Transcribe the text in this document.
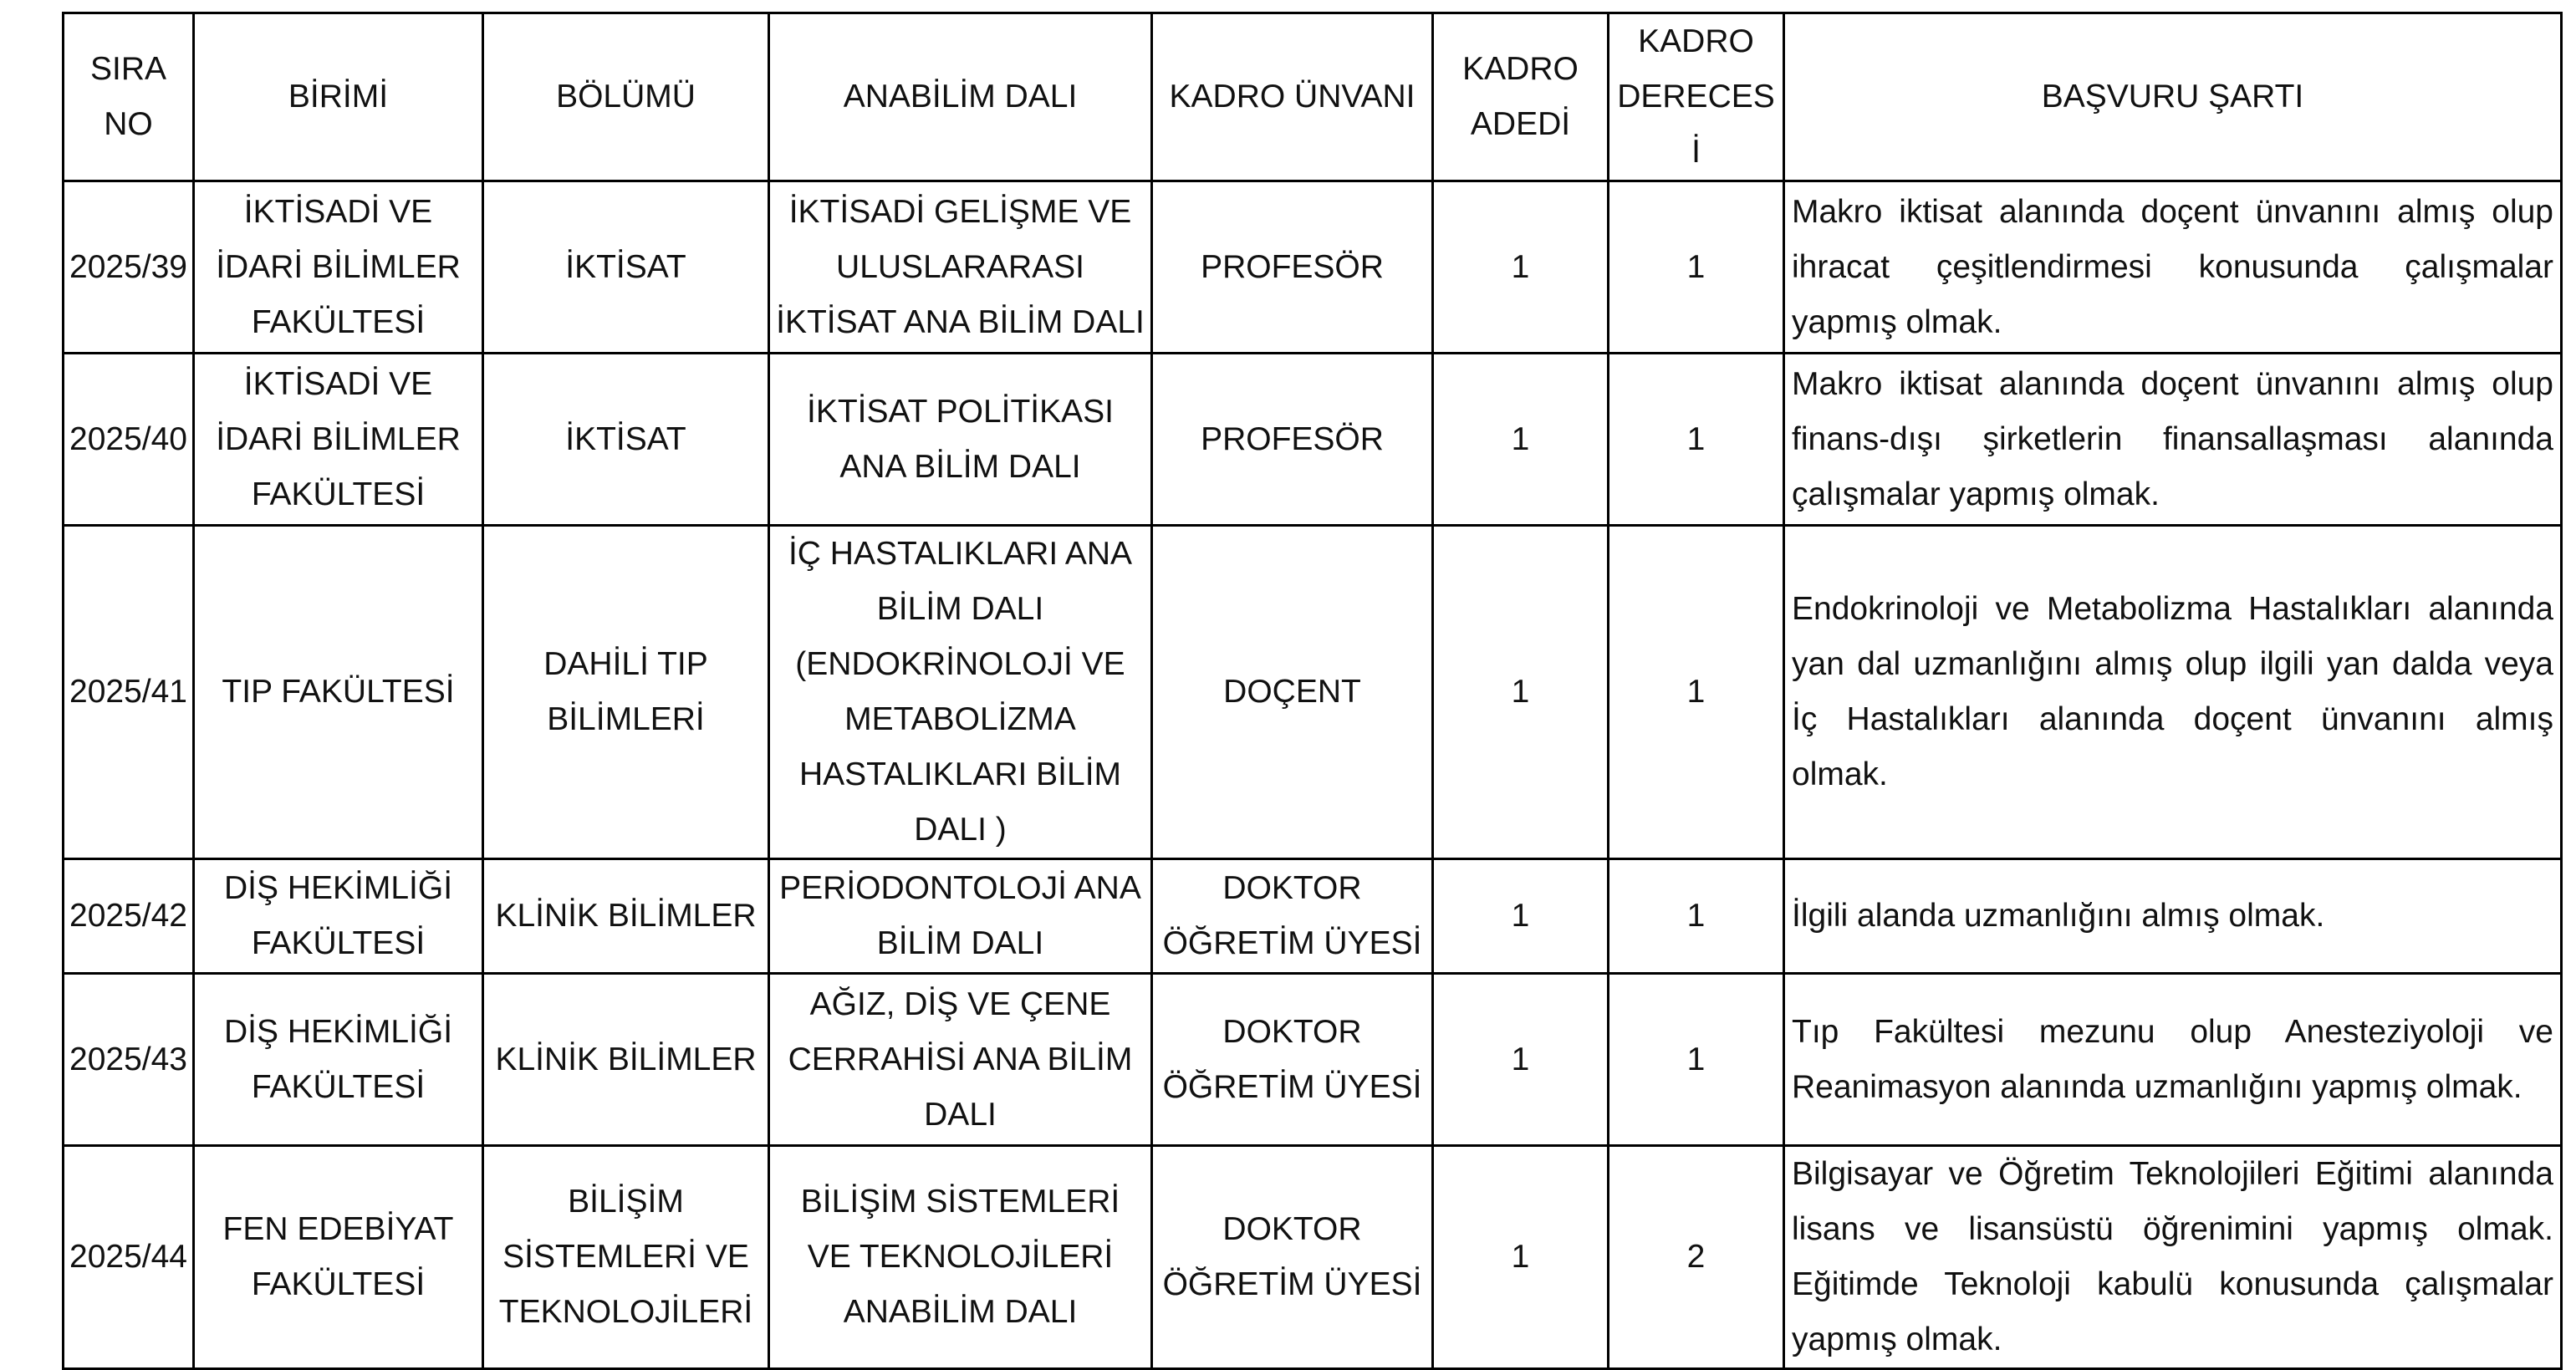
SIRA NO	BİRİMİ	BÖLÜMÜ	ANABİLİM DALI	KADRO ÜNVANI	KADRO ADEDİ	KADRO DERECESİ	BAŞVURU ŞARTI
2025/39	İKTİSADİ VE İDARİ BİLİMLER FAKÜLTESİ	İKTİSAT	İKTİSADİ GELİŞME VE ULUSLARARASI İKTİSAT ANA BİLİM DALI	PROFESÖR	1	1	Makro iktisat alanında doçent ünvanını almış olup ihracat çeşitlendirmesi konusunda çalışmalar yapmış olmak.
2025/40	İKTİSADİ VE İDARİ BİLİMLER FAKÜLTESİ	İKTİSAT	İKTİSAT POLİTİKASI ANA BİLİM DALI	PROFESÖR	1	1	Makro iktisat alanında doçent ünvanını almış olup finans-dışı şirketlerin finansallaşması alanında çalışmalar yapmış olmak.
2025/41	TIP FAKÜLTESİ	DAHİLİ TIP BİLİMLERİ	İÇ HASTALIKLARI ANA BİLİM DALI (ENDOKRİNOLOJİ VE METABOLİZMA HASTALIKLARI BİLİM DALI )	DOÇENT	1	1	Endokrinoloji ve Metabolizma Hastalıkları alanında yan dal uzmanlığını almış olup ilgili yan dalda veya İç Hastalıkları alanında doçent ünvanını almış olmak.
2025/42	DİŞ HEKİMLİĞİ FAKÜLTESİ	KLİNİK BİLİMLER	PERİODONTOLOJİ ANA BİLİM DALI	DOKTOR ÖĞRETİM ÜYESİ	1	1	İlgili alanda uzmanlığını almış olmak.
2025/43	DİŞ HEKİMLİĞİ FAKÜLTESİ	KLİNİK BİLİMLER	AĞIZ, DİŞ VE ÇENE CERRAHİSİ ANA BİLİM DALI	DOKTOR ÖĞRETİM ÜYESİ	1	1	Tıp Fakültesi mezunu olup Anesteziyoloji ve Reanimasyon alanında uzmanlığını yapmış olmak.
2025/44	FEN EDEBİYAT FAKÜLTESİ	BİLİŞİM SİSTEMLERİ VE TEKNOLOJİLERİ	BİLİŞİM SİSTEMLERİ VE TEKNOLOJİLERİ ANABİLİM DALI	DOKTOR ÖĞRETİM ÜYESİ	1	2	Bilgisayar ve Öğretim Teknolojileri Eğitimi alanında lisans ve lisansüstü öğrenimini yapmış olmak. Eğitimde Teknoloji kabulü konusunda çalışmalar yapmış olmak.
